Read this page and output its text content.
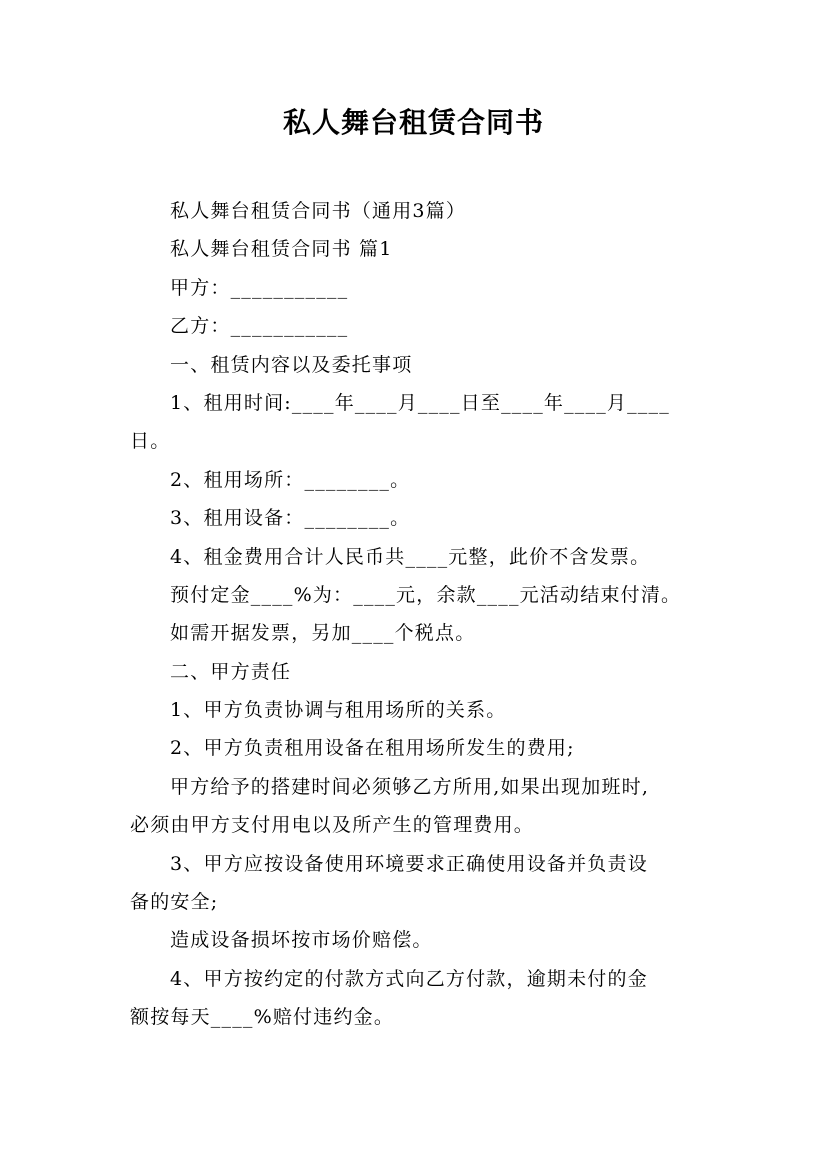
私人舞台租赁合同书
私人舞台租赁合同书（通用3篇）
私人舞台租赁合同书 篇1
甲方：___________
乙方：___________
一、租赁内容以及委托事项
1、租用时间:____年____月____日至____年____月____
日。
2、租用场所：________。
3、租用设备：________。
4、租金费用合计人民币共____元整，此价不含发票。
预付定金____%为：____元，余款____元活动结束付清。
如需开据发票，另加____个税点。
二、甲方责任
1、甲方负责协调与租用场所的关系。
2、甲方负责租用设备在租用场所发生的费用;
甲方给予的搭建时间必须够乙方所用,如果出现加班时,
必须由甲方支付用电以及所产生的管理费用。
3、甲方应按设备使用环境要求正确使用设备并负责设
备的安全;
造成设备损坏按市场价赔偿。
4、甲方按约定的付款方式向乙方付款，逾期未付的金
额按每天____%赔付违约金。
